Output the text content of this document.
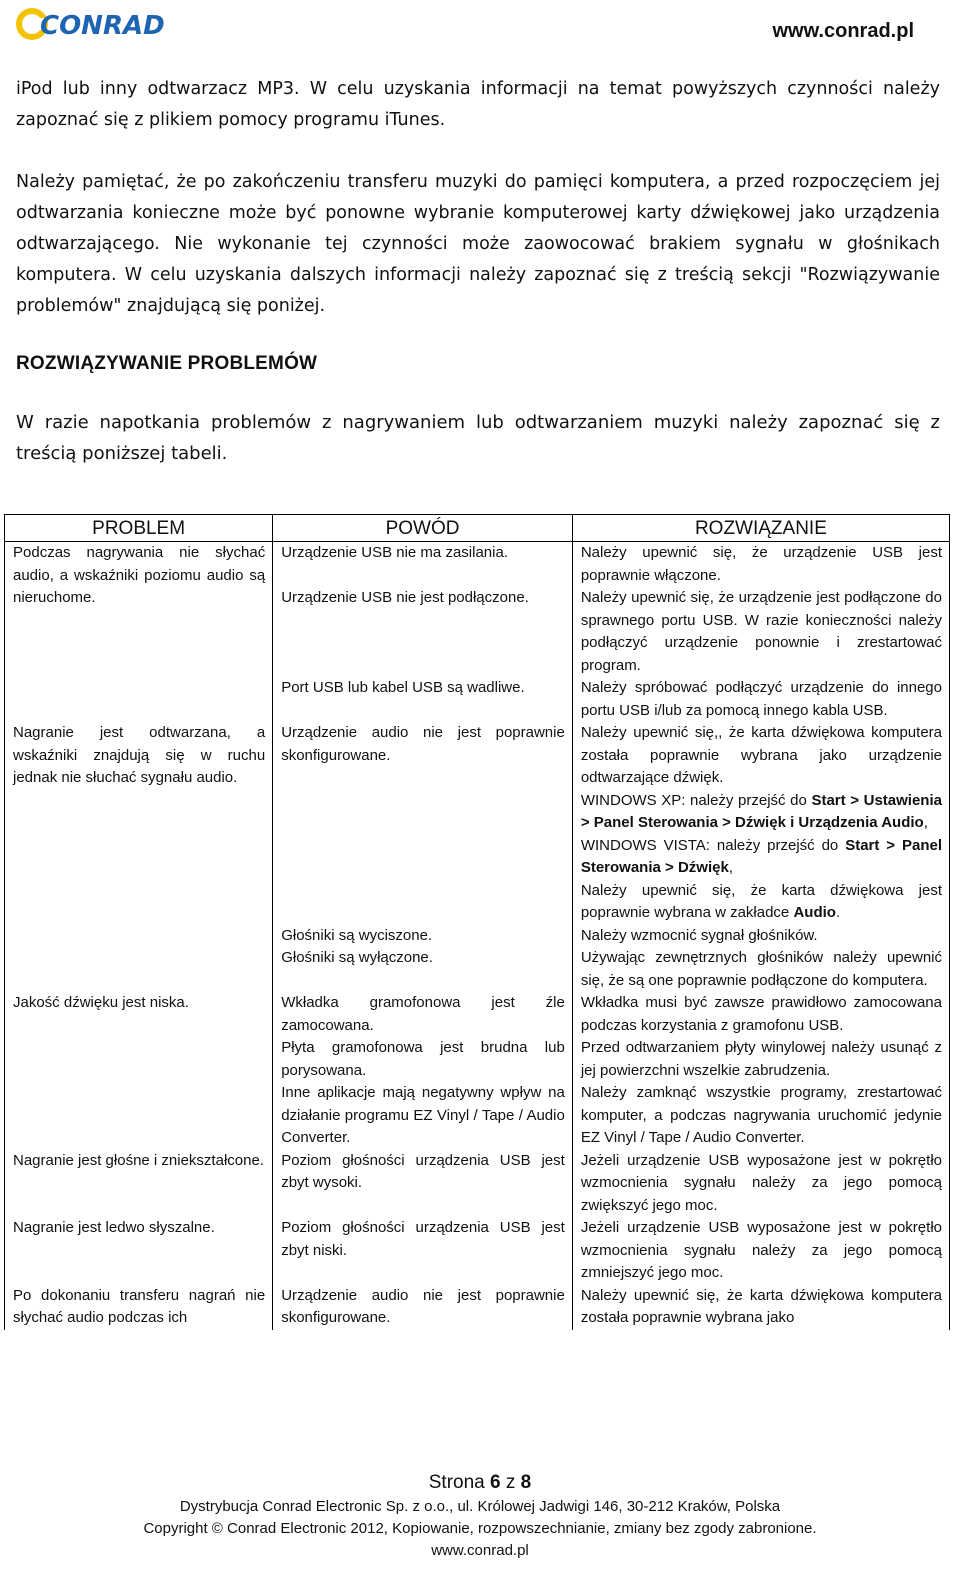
CONRAD	www.conrad.pl

iPod lub inny odtwarzacz MP3. W celu uzyskania informacji na temat powyższych czynności należy zapoznać się z plikiem pomocy programu iTunes.

Należy pamiętać, że po zakończeniu transferu muzyki do pamięci komputera, a przed rozpoczęciem jej odtwarzania konieczne może być ponowne wybranie komputerowej karty dźwiękowej jako urządzenia odtwarzającego. Nie wykonanie tej czynności może zaowocować brakiem sygnału w głośnikach komputera. W celu uzyskania dalszych informacji należy zapoznać się z treścią sekcji "Rozwiązywanie problemów" znajdującą się poniżej.

ROZWIĄZYWANIE PROBLEMÓW

W razie napotkania problemów z nagrywaniem lub odtwarzaniem muzyki należy zapoznać się z treścią poniższej tabeli.

PROBLEM	POWÓD	ROZWIĄZANIE
Podczas nagrywania nie słychać audio, a wskaźniki poziomu audio są nieruchome.	Urządzenie USB nie ma zasilania.	Należy upewnić się, że urządzenie USB jest poprawnie włączone.
	Urządzenie USB nie jest podłączone.	Należy upewnić się, że urządzenie jest podłączone do sprawnego portu USB. W razie konieczności należy podłączyć urządzenie ponownie i zrestartować program.
	Port USB lub kabel USB są wadliwe.	Należy spróbować podłączyć urządzenie do innego portu USB i/lub za pomocą innego kabla USB.
Nagranie jest odtwarzana, a wskaźniki znajdują się w ruchu jednak nie słuchać sygnału audio.	Urządzenie audio nie jest poprawnie skonfigurowane.	Należy upewnić się,, że karta dźwiękowa komputera została poprawnie wybrana jako urządzenie odtwarzające dźwięk.

WINDOWS XP: należy przejść do Start > Ustawienia > Panel Sterowania > Dźwięk i Urządzenia Audio,

WINDOWS VISTA: należy przejść do Start > Panel Sterowania > Dźwięk,

Należy upewnić się, że karta dźwiękowa jest poprawnie wybrana w zakładce Audio.

	Głośniki są wyciszone.	Należy wzmocnić sygnał głośników.
	Głośniki są wyłączone.	Używając zewnętrznych głośników należy upewnić się, że są one poprawnie podłączone do komputera.
Jakość dźwięku jest niska.	Wkładka gramofonowa jest źle zamocowana.	Wkładka musi być zawsze prawidłowo zamocowana podczas korzystania z gramofonu USB.
	Płyta gramofonowa jest brudna lub porysowana.	Przed odtwarzaniem płyty winylowej należy usunąć z jej powierzchni wszelkie zabrudzenia.
	Inne aplikacje mają negatywny wpływ na działanie programu EZ Vinyl / Tape / Audio Converter.	Należy zamknąć wszystkie programy, zrestartować komputer, a podczas nagrywania uruchomić jedynie EZ Vinyl / Tape / Audio Converter.
Nagranie jest głośne i zniekształcone.	Poziom głośności urządzenia USB jest zbyt wysoki.	Jeżeli urządzenie USB wyposażone jest w pokrętło wzmocnienia sygnału należy za jego pomocą zwiększyć jego moc.
Nagranie jest ledwo słyszalne.	Poziom głośności urządzenia USB jest zbyt niski.	Jeżeli urządzenie USB wyposażone jest w pokrętło wzmocnienia sygnału należy za jego pomocą zmniejszyć jego moc.
Po dokonaniu transferu nagrań nie słychać audio podczas ich	Urządzenie audio nie jest poprawnie skonfigurowane.	Należy upewnić się, że karta dźwiękowa komputera została poprawnie wybrana jako
Strona 6 z 8
Dystrybucja Conrad Electronic Sp. z o.o., ul. Królowej Jadwigi 146, 30-212 Kraków, Polska
Copyright © Conrad Electronic 2012, Kopiowanie, rozpowszechnianie, zmiany bez zgody zabronione.
www.conrad.pl
